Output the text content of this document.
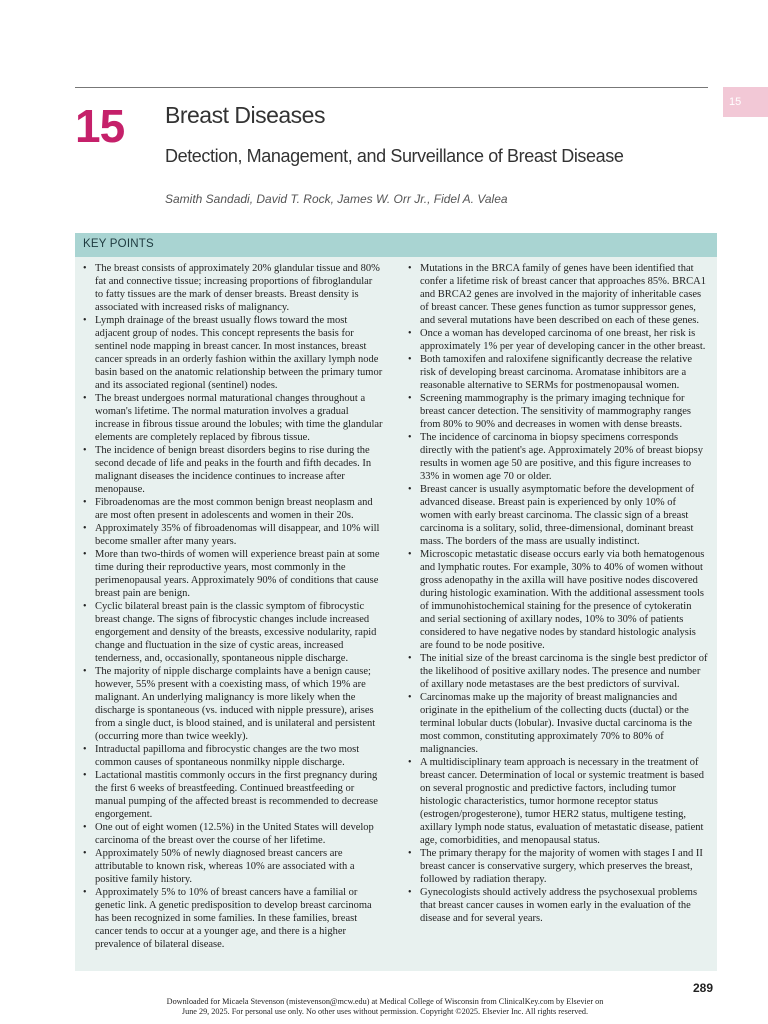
15
15 Breast Diseases
Detection, Management, and Surveillance of Breast Disease
Samith Sandadi, David T. Rock, James W. Orr Jr., Fidel A. Valea
KEY POINTS
• The breast consists of approximately 20% glandular tissue and 80% fat and connective tissue; increasing proportions of fibroglandular to fatty tissues are the mark of denser breasts. Breast density is associated with increased risks of malignancy.
• Lymph drainage of the breast usually flows toward the most adjacent group of nodes. This concept represents the basis for sentinel node mapping in breast cancer. In most instances, breast cancer spreads in an orderly fashion within the axillary lymph node basin based on the anatomic relationship between the primary tumor and its associated regional (sentinel) nodes.
• The breast undergoes normal maturational changes throughout a woman's lifetime. The normal maturation involves a gradual increase in fibrous tissue around the lobules; with time the glandular elements are completely replaced by fibrous tissue.
• The incidence of benign breast disorders begins to rise during the second decade of life and peaks in the fourth and fifth decades. In malignant diseases the incidence continues to increase after menopause.
• Fibroadenomas are the most common benign breast neoplasm and are most often present in adolescents and women in their 20s.
• Approximately 35% of fibroadenomas will disappear, and 10% will become smaller after many years.
• More than two-thirds of women will experience breast pain at some time during their reproductive years, most commonly in the perimenopausal years. Approximately 90% of conditions that cause breast pain are benign.
• Cyclic bilateral breast pain is the classic symptom of fibrocystic breast change. The signs of fibrocystic changes include increased engorgement and density of the breasts, excessive nodularity, rapid change and fluctuation in the size of cystic areas, increased tenderness, and, occasionally, spontaneous nipple discharge.
• The majority of nipple discharge complaints have a benign cause; however, 55% present with a coexisting mass, of which 19% are malignant. An underlying malignancy is more likely when the discharge is spontaneous (vs. induced with nipple pressure), arises from a single duct, is blood stained, and is unilateral and persistent (occurring more than twice weekly).
• Intraductal papilloma and fibrocystic changes are the two most common causes of spontaneous nonmilky nipple discharge.
• Lactational mastitis commonly occurs in the first pregnancy during the first 6 weeks of breastfeeding. Continued breastfeeding or manual pumping of the affected breast is recommended to decrease engorgement.
• One out of eight women (12.5%) in the United States will develop carcinoma of the breast over the course of her lifetime.
• Approximately 50% of newly diagnosed breast cancers are attributable to known risk, whereas 10% are associated with a positive family history.
• Approximately 5% to 10% of breast cancers have a familial or genetic link. A genetic predisposition to develop breast carcinoma has been recognized in some families. In these families, breast cancer tends to occur at a younger age, and there is a higher prevalence of bilateral disease.
• Mutations in the BRCA family of genes have been identified that confer a lifetime risk of breast cancer that approaches 85%. BRCA1 and BRCA2 genes are involved in the majority of inheritable cases of breast cancer. These genes function as tumor suppressor genes, and several mutations have been described on each of these genes.
• Once a woman has developed carcinoma of one breast, her risk is approximately 1% per year of developing cancer in the other breast.
• Both tamoxifen and raloxifene significantly decrease the relative risk of developing breast carcinoma. Aromatase inhibitors are a reasonable alternative to SERMs for postmenopausal women.
• Screening mammography is the primary imaging technique for breast cancer detection. The sensitivity of mammography ranges from 80% to 90% and decreases in women with dense breasts.
• The incidence of carcinoma in biopsy specimens corresponds directly with the patient's age. Approximately 20% of breast biopsy results in women age 50 are positive, and this figure increases to 33% in women age 70 or older.
• Breast cancer is usually asymptomatic before the development of advanced disease. Breast pain is experienced by only 10% of women with early breast carcinoma. The classic sign of a breast carcinoma is a solitary, solid, three-dimensional, dominant breast mass. The borders of the mass are usually indistinct.
• Microscopic metastatic disease occurs early via both hematogenous and lymphatic routes. For example, 30% to 40% of women without gross adenopathy in the axilla will have positive nodes discovered during histologic examination. With the additional assessment tools of immunohistochemical staining for the presence of cytokeratin and serial sectioning of axillary nodes, 10% to 30% of patients considered to have negative nodes by standard histologic analysis are found to be node positive.
• The initial size of the breast carcinoma is the single best predictor of the likelihood of positive axillary nodes. The presence and number of axillary node metastases are the best predictors of survival.
• Carcinomas make up the majority of breast malignancies and originate in the epithelium of the collecting ducts (ductal) or the terminal lobular ducts (lobular). Invasive ductal carcinoma is the most common, constituting approximately 70% to 80% of malignancies.
• A multidisciplinary team approach is necessary in the treatment of breast cancer. Determination of local or systemic treatment is based on several prognostic and predictive factors, including tumor histologic characteristics, tumor hormone receptor status (estrogen/progesterone), tumor HER2 status, multigene testing, axillary lymph node status, evaluation of metastatic disease, patient age, comorbidities, and menopausal status.
• The primary therapy for the majority of women with stages I and II breast cancer is conservative surgery, which preserves the breast, followed by radiation therapy.
• Gynecologists should actively address the psychosexual problems that breast cancer causes in women early in the evaluation of the disease and for several years.
289
Downloaded for Micaela Stevenson (mistevenson@mcw.edu) at Medical College of Wisconsin from ClinicalKey.com by Elsevier on
June 29, 2025. For personal use only. No other uses without permission. Copyright ©2025. Elsevier Inc. All rights reserved.
